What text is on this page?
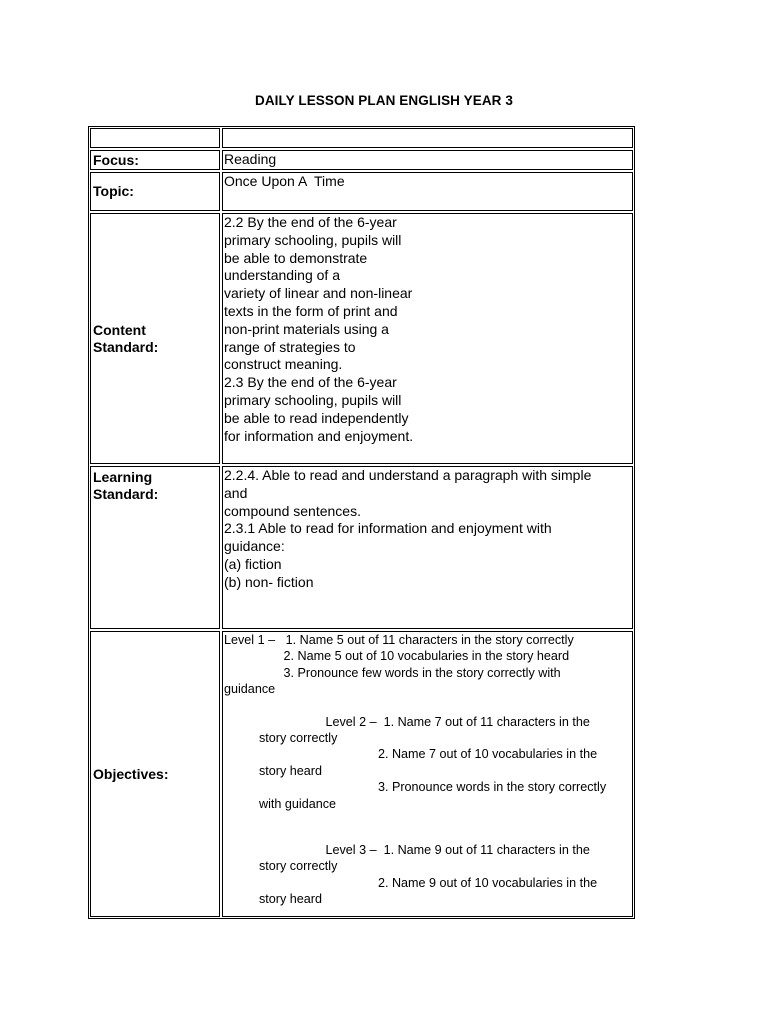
DAILY LESSON PLAN ENGLISH YEAR 3
Focus:	Reading
Topic:
Once Upon A  Time
Content
Standard:
2.2 By the end of the 6-year
primary schooling, pupils will
be able to demonstrate
understanding of a
variety of linear and non-linear
texts in the form of print and
non-print materials using a
range of strategies to
construct meaning.
2.3 By the end of the 6-year
primary schooling, pupils will
be able to read independently
for information and enjoyment.
Learning
Standard:
2.2.4. Able to read and understand a paragraph with simple
and
compound sentences.
2.3.1 Able to read for information and enjoyment with
guidance:
(a) fiction
(b) non- fiction
Objectives:
Level 1 –   1. Name 5 out of 11 characters in the story correctly
2. Name 5 out of 10 vocabularies in the story heard
3. Pronounce few words in the story correctly with
guidance
Level 2 –  1. Name 7 out of 11 characters in the
story correctly
2. Name 7 out of 10 vocabularies in the
story heard
3. Pronounce words in the story correctly
with guidance
Level 3 –  1. Name 9 out of 11 characters in the
story correctly
2. Name 9 out of 10 vocabularies in the
story heard
